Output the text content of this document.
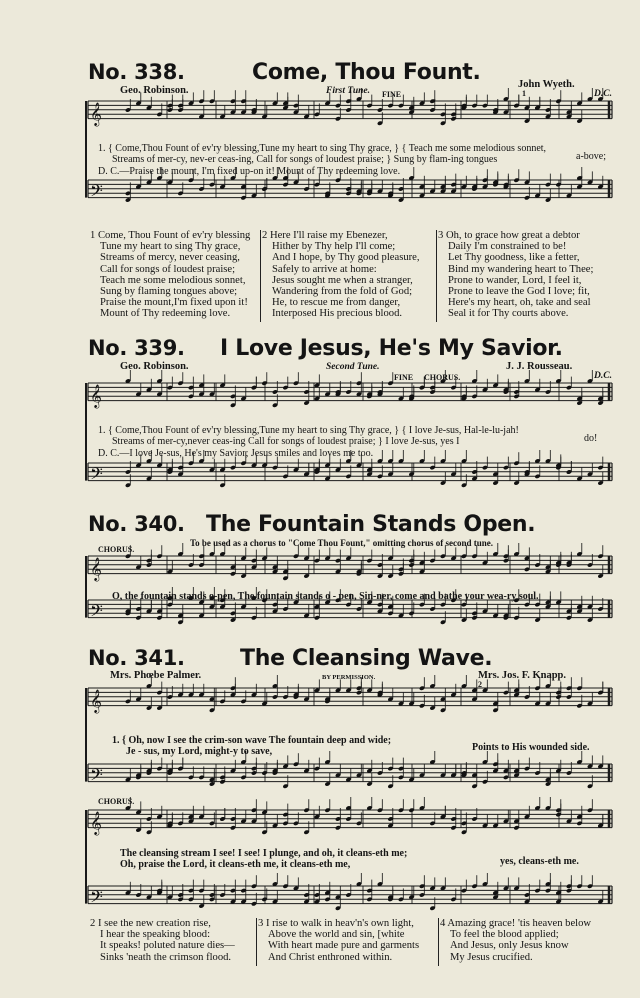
𝄞
𝄢
𝄞
𝄢
𝄞
𝄢
𝄞
𝄢
𝄞
𝄢
No. 338.	Come, Thou Fount.
Geo. Robinson.
John Wyeth.
First Tune. FINE	1	D.C.
1. { Come,Thou Fount of ev'ry blessing,Tune my heart to sing Thy grace, } { Teach me some melodious sonnet,
Streams of mer-cy, nev-er ceas-ing, Call for songs of loudest praise; } Sung by flam-ing tongues	a-bove;
D. C.—Praise the mount, I'm fixed up-on it! Mount of Thy redeeming love.
1 Come, Thou Fount of ev'ry blessing
Tune my heart to sing Thy grace,
Streams of mercy, never ceasing,
Call for songs of loudest praise;
Teach me some melodious sonnet,
Sung by flaming tongues above;
Praise the mount,I'm fixed upon it!
Mount of Thy redeeming love.
2 Here I'll raise my Ebenezer,
Hither by Thy help I'll come;
And I hope, by Thy good pleasure,
Safely to arrive at home:
Jesus sought me when a stranger,
Wandering from the fold of God;
He, to rescue me from danger,
Interposed His precious blood.
3 Oh, to grace how great a debtor
Daily I'm constrained to be!
Let Thy goodness, like a fetter,
Bind my wandering heart to Thee;
Prone to wander, Lord, I feel it,
Prone to leave the God I love; fit,
Here's my heart, oh, take and seal
Seal it for Thy courts above.
No. 339. I Love Jesus, He's My Savior.
Geo. Robinson.	Second Tune.	J. J. Rousseau.
FINE CHORUS.	D.C.
1. { Come,Thou Fount of ev'ry blessing,Tune my heart to sing Thy grace, } { I love Je-sus, Hal-le-lu-jah!
Streams of mer-cy,never ceas-ing Call for songs of loudest praise; } I love Je-sus, yes I	do!
D. C.—I love Je-sus, He's my Savior; Jesus smiles and loves me too.
No. 340. The Fountain Stands Open.
CHORUS.
To be used as a chorus to "Come Thou Fount," omitting chorus of second tune.
O, the fountain stands o-pen, The fountain stands o - pen, Sin-ner, come and bathe your wea-ry soul.
No. 341.	The Cleansing Wave.
Mrs. Phœbe Palmer.	BY PERMISSION.	Mrs. Jos. F. Knapp.
2
1. { Oh, now I see the crim-son wave The fountain deep and wide;
Je - sus, my Lord, might-y to save,	Points to His wounded side.
CHORUS.
The cleansing stream I see! I see! I plunge, and oh, it cleans-eth me;
Oh, praise the Lord, it cleans-eth me, it cleans-eth me,	yes, cleans-eth me.
2 I see the new creation rise,
I hear the speaking blood:
It speaks! poluted nature dies—
Sinks 'neath the crimson flood.
3 I rise to walk in heav'n's own light,
Above the world and sin, [white
With heart made pure and garments
And Christ enthroned within.
4 Amazing grace! 'tis heaven below
To feel the blood applied;
And Jesus, only Jesus know
My Jesus crucified.
